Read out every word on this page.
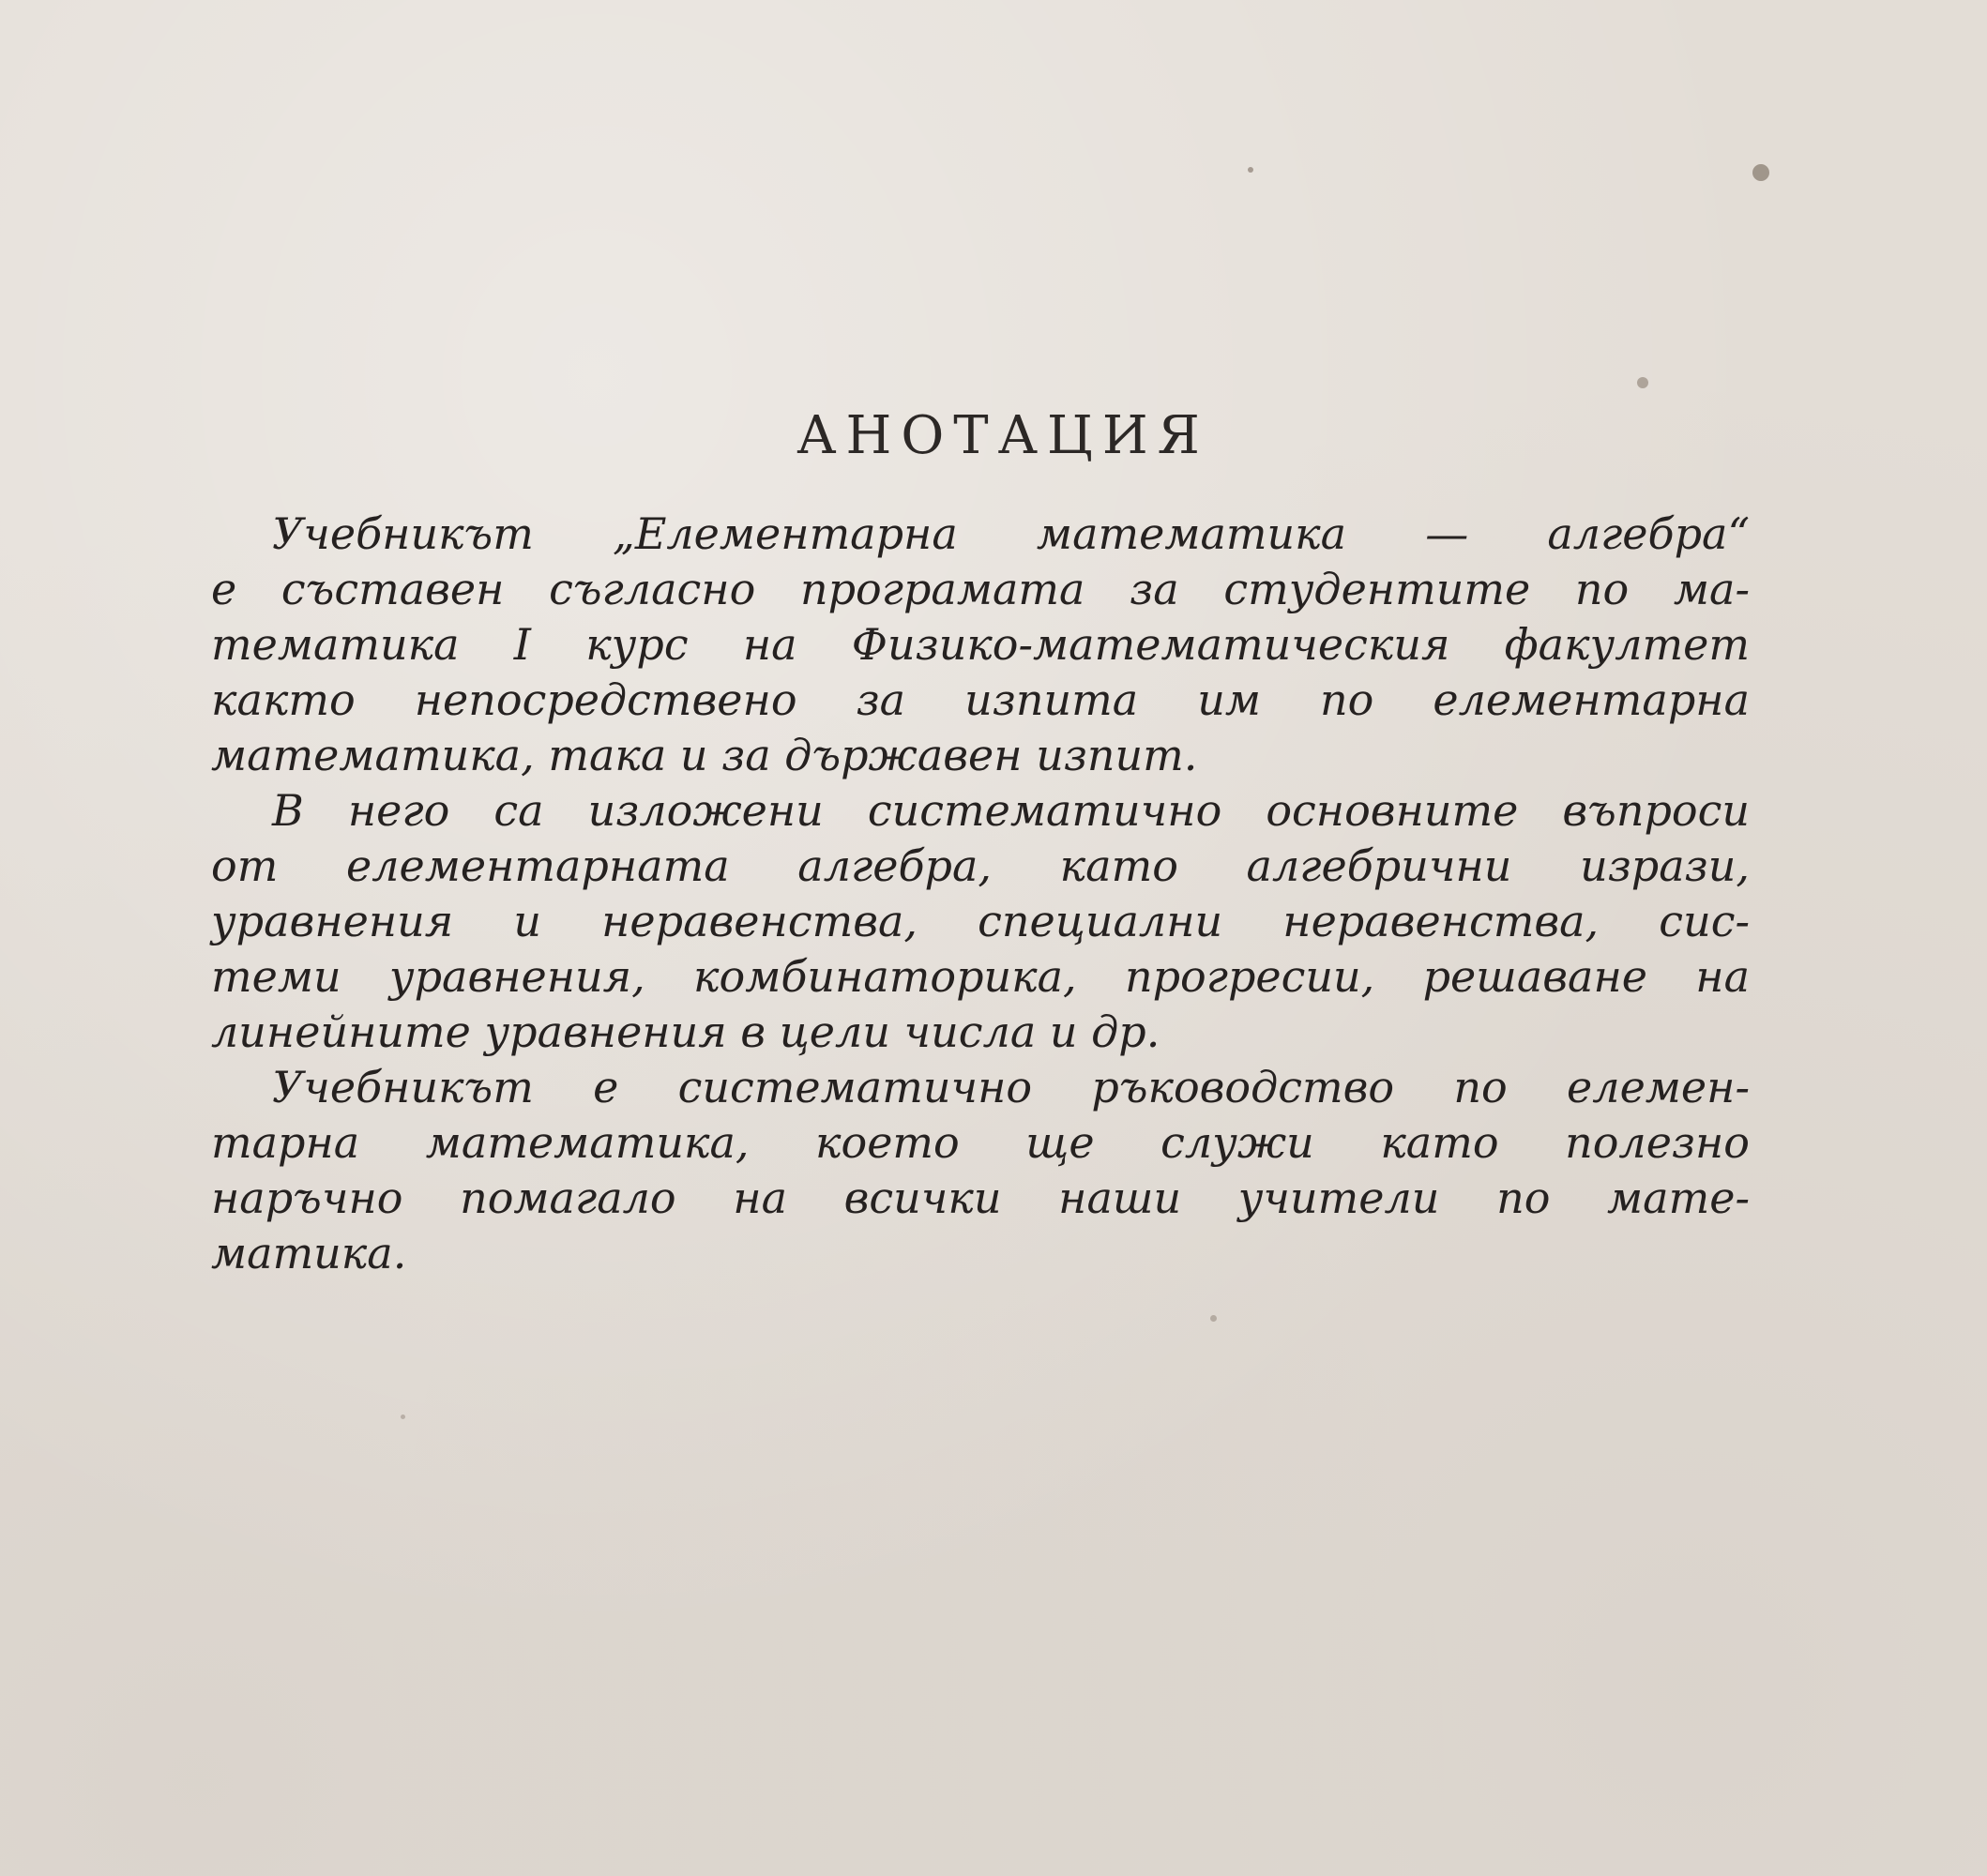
АНОТАЦИЯ
Учебникът „Елементарна математика — алгебра“
е съставен съгласно програмата за студентите по ма-
тематика I курс на Физико-математическия факултет
както непосредствено за изпита им по елементарна
математика, така и за държавен изпит.
В него са изложени систематично основните въпроси
от елементарната алгебра, като алгебрични изрази,
уравнения и неравенства, специални неравенства, сис-
теми уравнения, комбинаторика, прогресии, решаване на
линейните уравнения в цели числа и др.
Учебникът е систематично ръководство по елемен-
тарна математика, което ще служи като полезно
наръчно помагало на всички наши учители по мате-
матика.
